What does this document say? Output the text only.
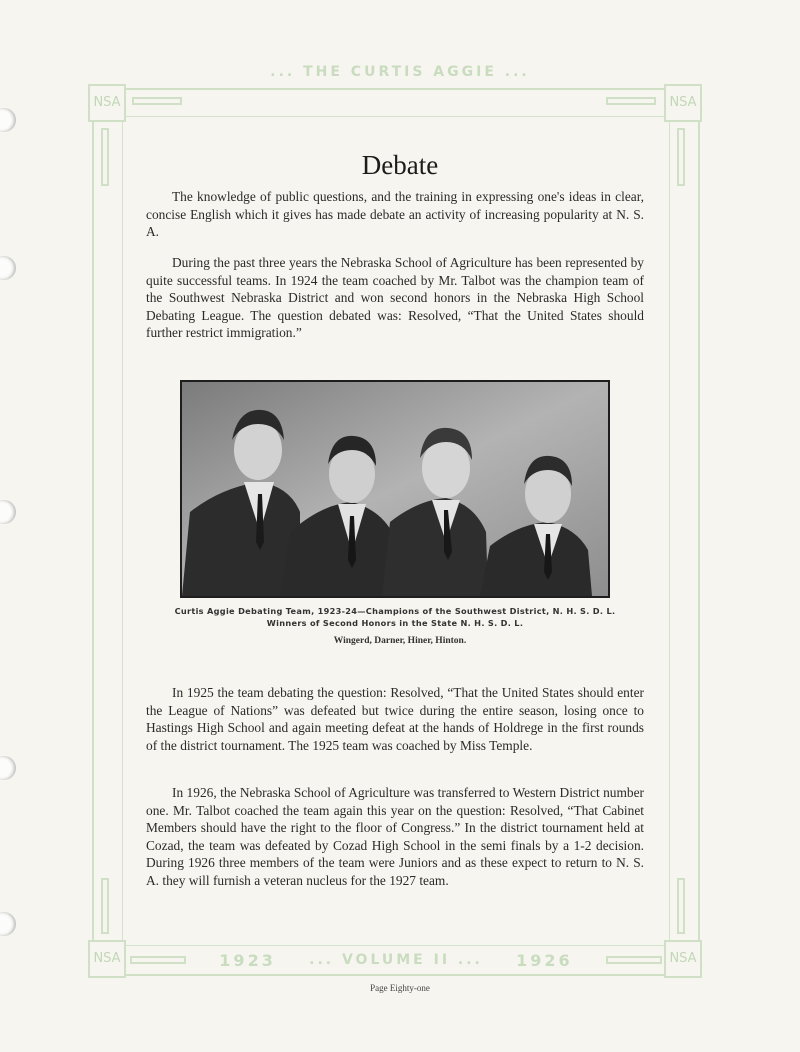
... THE CURTIS AGGIE ...
NSA	NSA
NSA	NSA
1923 ... VOLUME II ... 1926
Debate

The knowledge of public questions, and the training in expressing one's ideas in clear, concise English which it gives has made debate an activity of increasing popularity at N. S. A.

During the past three years the Nebraska School of Agriculture has been represented by quite successful teams. In 1924 the team coached by Mr. Talbot was the champion team of the Southwest Nebraska District and won second honors in the Nebraska High School Debating League. The question debated was: Resolved, “That the United States should further restrict immigration.”

Curtis Aggie Debating Team, 1923-24—Champions of the Southwest District, N. H. S. D. L.
Winners of Second Honors in the State N. H. S. D. L.
Wingerd, Darner, Hiner, Hinton.

In 1925 the team debating the question: Resolved, “That the United States should enter the League of Nations” was defeated but twice during the entire season, losing once to Hastings High School and again meeting defeat at the hands of Holdrege in the first rounds of the district tournament. The 1925 team was coached by Miss Temple.

In 1926, the Nebraska School of Agriculture was transferred to Western District number one. Mr. Talbot coached the team again this year on the question: Resolved, “That Cabinet Members should have the right to the floor of Congress.” In the district tournament held at Cozad, the team was defeated by Cozad High School in the semi finals by a 1-2 decision. During 1926 three members of the team were Juniors and as these expect to return to N. S. A. they will furnish a veteran nucleus for the 1927 team.

Page Eighty-one
